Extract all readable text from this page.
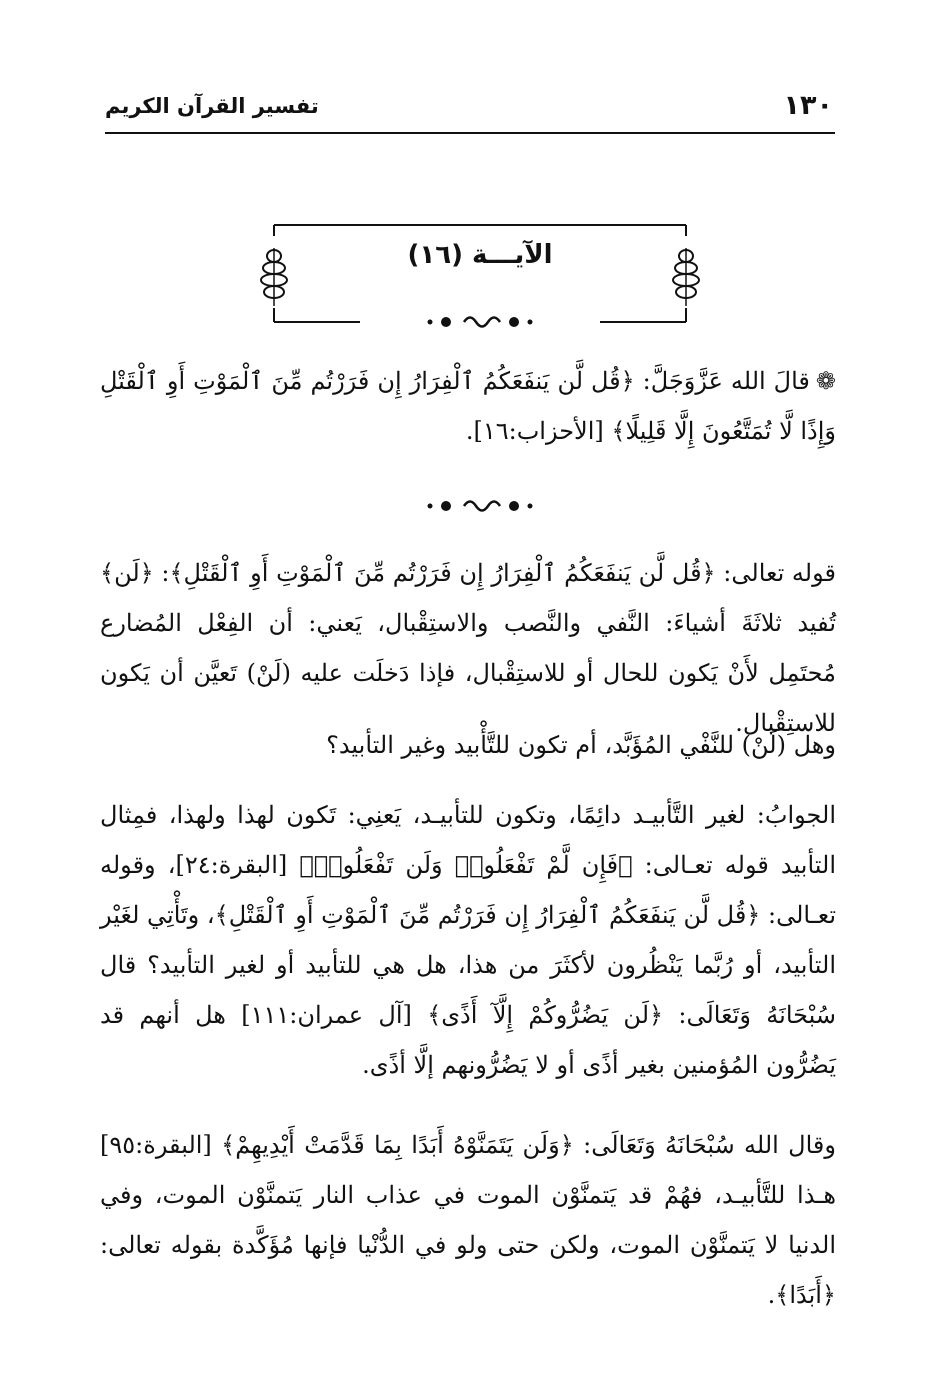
تفسير القرآن الكريم	١٣٠
الآيـــة (١٦)
❁قالَ الله عَزَّوَجَلَّ: ﴿قُل لَّن يَنفَعَكُمُ ٱلْفِرَارُ إِن فَرَرْتُم مِّنَ ٱلْمَوْتِ أَوِ ٱلْقَتْلِ وَإِذًا لَّا تُمَتَّعُونَ إِلَّا قَلِيلًا﴾ [الأحزاب:١٦].
قوله تعالى: ﴿قُل لَّن يَنفَعَكُمُ ٱلْفِرَارُ إِن فَرَرْتُم مِّنَ ٱلْمَوْتِ أَوِ ٱلْقَتْلِ﴾: ﴿لَن﴾ تُفيد ثلاثَةَ أشياءَ: النَّفي والنَّصب والاستِقْبال، يَعني: أن الفِعْل المُضارع مُحتَمِل لأَنْ يَكون للحال أو للاستِقْبال، فإذا دَخلَت عليه (لَنْ) تَعيَّن أن يَكون للاستِقْبال.
وهل (لَنْ) للنَّفْي المُؤَبَّد، أم تكون للتَّأْبيد وغير التأبيد؟
الجوابُ: لغير التَّأبيـد دائِمًا، وتكون للتأبيـد، يَعنِي: تَكون لهذا ولهذا، فمِثال التأبيد قوله تعـالى: ﴿فَإِن لَّمْ تَفْعَلُوا۟ وَلَن تَفْعَلُوا۟﴾ [البقرة:٢٤]، وقوله تعـالى: ﴿قُل لَّن يَنفَعَكُمُ ٱلْفِرَارُ إِن فَرَرْتُم مِّنَ ٱلْمَوْتِ أَوِ ٱلْقَتْلِ﴾، وتَأْتِي لغَيْر التأبيد، أو رُبَّما يَنْظُرون لأكثَرَ من هذا، هل هي للتأبيد أو لغير التأبيد؟ قال سُبْحَانَهُ وَتَعَالَى: ﴿لَن يَضُرُّوكُمْ إِلَّآ أَذًى﴾ [آل عمران:١١١] هل أنهم قد يَضُرُّون المُؤمنين بغير أذًى أو لا يَضُرُّونهم إلَّا أذًى.
وقال الله سُبْحَانَهُ وَتَعَالَى: ﴿وَلَن يَتَمَنَّوْهُ أَبَدًا بِمَا قَدَّمَتْ أَيْدِيهِمْ﴾ [البقرة:٩٥] هـذا للتَّأبيـد، فهُمْ قد يَتمنَّوْن الموت في عذاب النار يَتمنَّوْن الموت، وفي الدنيا لا يَتمنَّوْن الموت، ولكن حتى ولو في الدُّنْيا فإنها مُؤَكَّدة بقوله تعالى: ﴿أَبَدًا﴾.
